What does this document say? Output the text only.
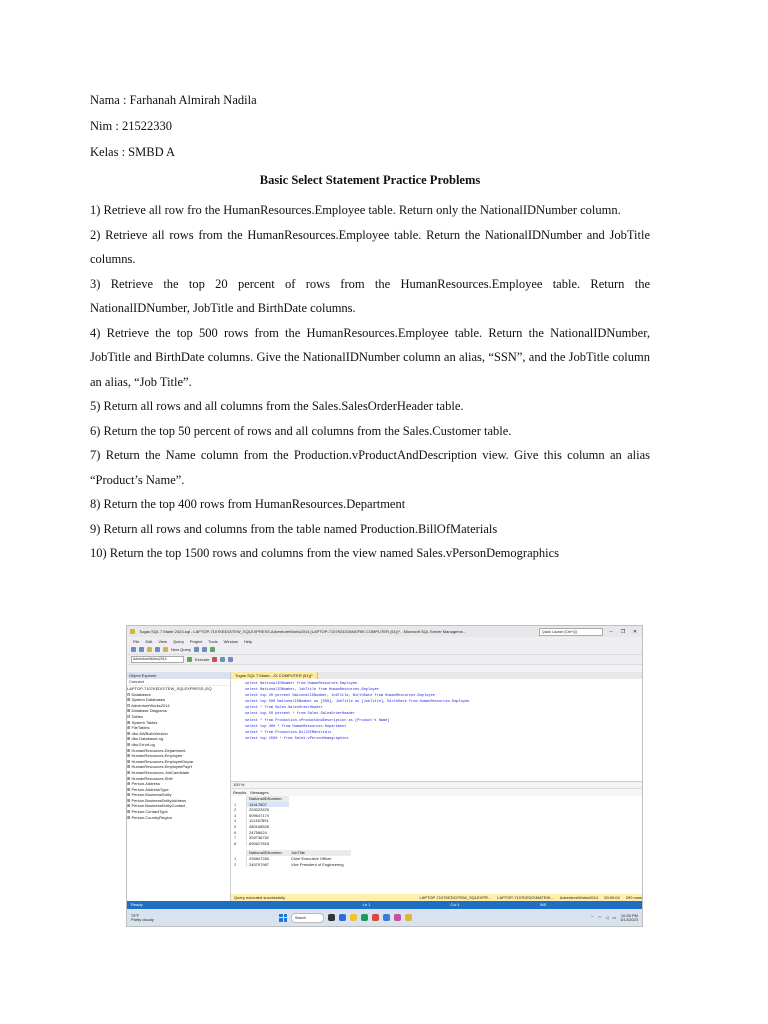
Nama : Farhanah Almirah Nadila
Nim : 21522330
Kelas : SMBD A
Basic Select Statement Practice Problems
1) Retrieve all row fro the HumanResources.Employee table. Return only the NationalIDNumber column.
2) Retrieve all rows from the HumanResources.Employee table. Return the NationalIDNumber and JobTitle columns.
3) Retrieve the top 20 percent of rows from the HumanResources.Employee table. Return the NationalIDNumber, JobTitle and BirthDate columns.
4) Retrieve the top 500 rows from the HumanResources.Employee table. Return the NationalIDNumber, JobTitle and BirthDate columns. Give the NationalIDNumber column an alias, “SSN”, and the JobTitle column an alias, “Job Title”.
5) Return all rows and all columns from the Sales.SalesOrderHeader table.
6) Return the top 50 percent of rows and all columns from the Sales.Customer table.
7) Return the Name column from the Production.vProductAndDescription view. Give this column an alias “Product’s Name”.
8) Return the top 400 rows from HumanResources.Department
9) Return all rows and columns from the table named Production.BillOfMaterials
10) Return the top 1500 rows and columns from the view named Sales.vPersonDemographics
Tugas SQL 7 Marte 2023.sql - LAPTOP-7107KEDO\TEW_SQLEXPRESS.AdventureWorks2014 (LAPTOP-7107KEDO\MATRIK COMPUTER (51))* - Microsoft SQL Server Manageme...	Quick Launch (Ctrl+Q)	–	❐	✕
File Edit View Query Project Tools Window Help
New Query
AdventureWorks2014	Execute
Object Explorer
Connect
LAPTOP-7107KEDO\TEW_SQLEXPRESS (SQ
⊟ Databases
⊞ System Databases
⊟ AdventureWorks2014
⊞ Database Diagrams
⊟ Tables
⊞ System Tables
⊞ FileTables
⊞ dbo.AWBuildVersion
⊞ dbo.DatabaseLog
⊞ dbo.ErrorLog
⊞ HumanResources.Department
⊞ HumanResources.Employee
⊞ HumanResources.EmployeeDepar
⊞ HumanResources.EmployeePayH
⊞ HumanResources.JobCandidate
⊞ HumanResources.Shift
⊞ Person.Address
⊞ Person.AddressType
⊞ Person.BusinessEntity
⊞ Person.BusinessEntityAddress
⊞ Person.BusinessEntityContact
⊞ Person.ContactType
⊞ Person.CountryRegion
Tugas SQL 7 Marte...JX COMPUTER (51))*
select NationalIDNumber from HumanResources.Employee
select NationalIDNumber, JobTitle from HumanResources.Employee
select top 20 percent NationalIDNumber, JobTitle, BirthDate from HumanResources.Employee
select top 500 NationalIDNumber as [SSN], JobTitle as [JobTitle], BirthDate from HumanResources.Employee
select * from Sales.SalesOrderHeader
select top 50 percent * from Sales.SalesOrderHeader
select * from Production.vProductAndDescription as [Product's Name]
select top 400 * from HumanResources.Department
select * from Production.BillOfMaterials
select top 1500 * from Sales.vPersonDemographics
100 %
Results Messages
NationalIDNumber
1	14417807
2	253022876
3	509647174
4	112457891
5	480168528
6	24756624
7	309738752
8	690627818
NationalIDNumber	JobTitle
1	295847284	Chief Executive Officer
2	245797967	Vice President of Engineering
Query executed successfully.	LAPTOP-7107KEDO\TEW_SQLEXPR... LAPTOP-7107KEDO\MATRIK... AdventureWorks2014 00:00:04 290 rows
Ready	Ln 1	Col 1	INS
75°F
Partly cloudy	Search	⌃ ◠ ◁ ▭ 10:35 PM
3/13/2023
